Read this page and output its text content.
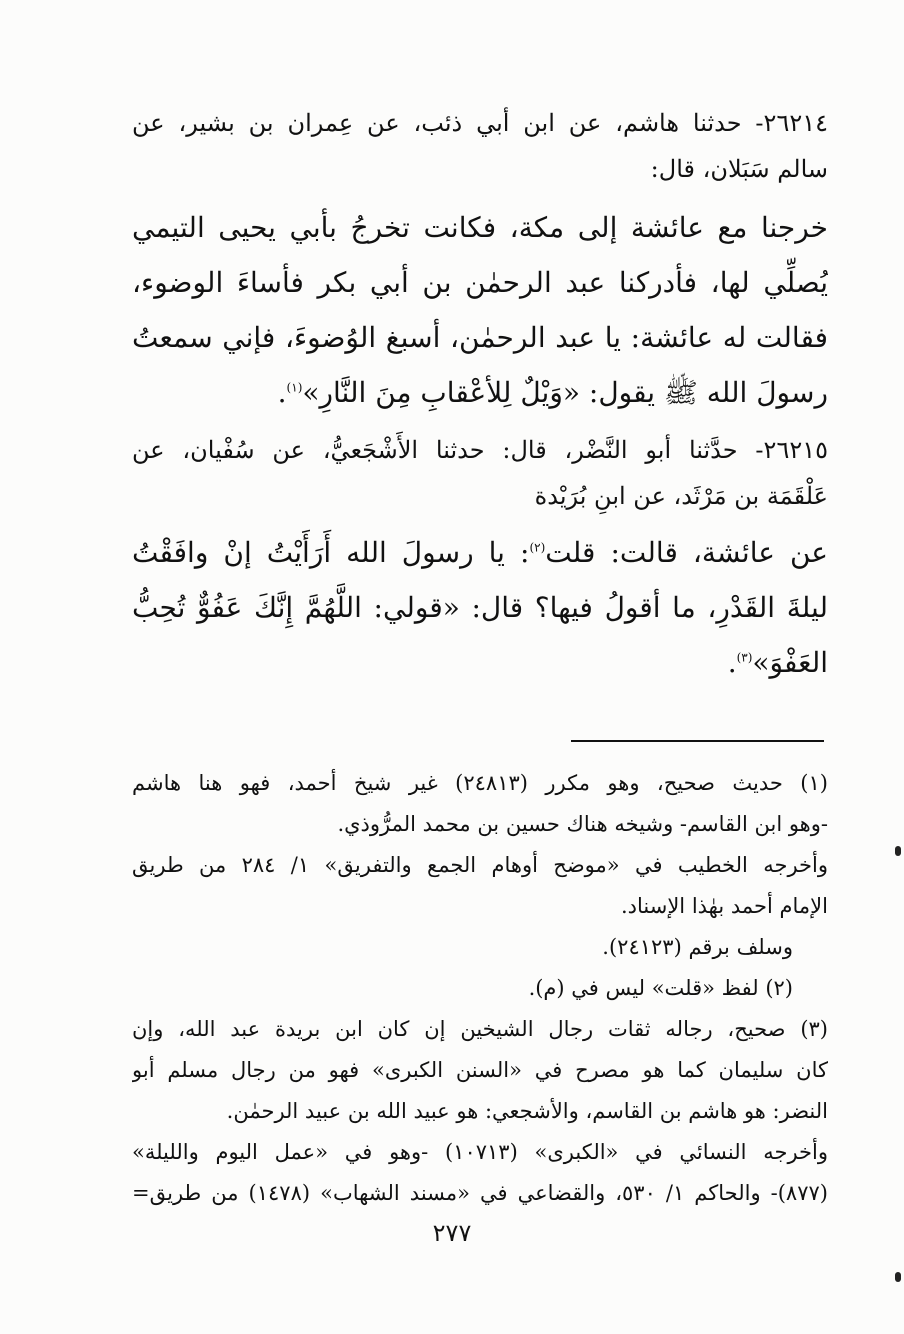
٢٦٢١٤- حدثنا هاشم، عن ابن أبي ذئب، عن عِمران بن بشير، عن
سالم سَبَلان، قال:
خرجنا مع عائشة إلى مكة، فكانت تخرجُ بأبي يحيى التيمي
يُصلِّي لها، فأدركنا عبد الرحمٰن بن أبي بكر فأساءَ الوضوء،
فقالت له عائشة: يا عبد الرحمٰن، أسبغ الوُضوءَ، فإني سمعتُ
رسولَ الله ﷺ يقول: «وَيْلٌ لِلأعْقابِ مِنَ النَّارِ»$^{(١)}$.
٢٦٢١٥- حدَّثنا أبو النَّضْر، قال: حدثنا الأَشْجَعيُّ، عن سُفْيان، عن
عَلْقَمَة بن مَرْثَد، عن ابنِ بُرَيْدة
عن عائشة، قالت: قلت$^{(٢)}$: يا رسولَ الله أَرَأَيْتُ إنْ وافَقْتُ
ليلةَ القَدْرِ، ما أقولُ فيها؟ قال: «قولي: اللَّهُمَّ إِنَّكَ عَفُوٌّ تُحِبُّ
العَفْوَ»$^{(٣)}$.
(١) حديث صحيح، وهو مكرر (٢٤٨١٣) غير شيخ أحمد، فهو هنا هاشم
-وهو ابن القاسم- وشيخه هناك حسين بن محمد المرُّوذي.
وأخرجه الخطيب في «موضح أوهام الجمع والتفريق» ١/ ٢٨٤ من طريق
الإمام أحمد بهٰذا الإسناد.
وسلف برقم (٢٤١٢٣).
(٢) لفظ «قلت» ليس في (م).
(٣) صحيح، رجاله ثقات رجال الشيخين إن كان ابن بريدة عبد الله، وإن
كان سليمان كما هو مصرح في «السنن الكبرى» فهو من رجال مسلم أبو
النضر: هو هاشم بن القاسم، والأشجعي: هو عبيد الله بن عبيد الرحمٰن.
وأخرجه النسائي في «الكبرى» (١٠٧١٣) -وهو في «عمل اليوم والليلة»
(٨٧٧)- والحاكم ١/ ٥٣٠، والقضاعي في «مسند الشهاب» (١٤٧٨) من طريق=
٢٧٧
